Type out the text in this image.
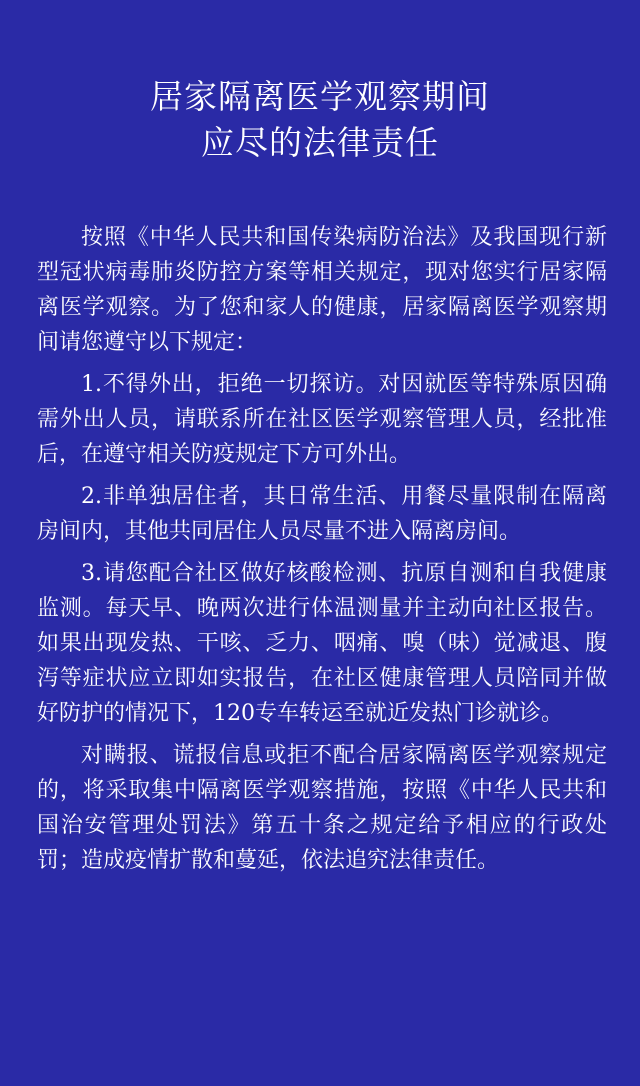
居家隔离医学观察期间
应尽的法律责任

按照《中华人民共和国传染病防治法》及我国现行新型冠状病毒肺炎防控方案等相关规定，现对您实行居家隔离医学观察。为了您和家人的健康，居家隔离医学观察期间请您遵守以下规定：

1.不得外出，拒绝一切探访。对因就医等特殊原因确需外出人员，请联系所在社区医学观察管理人员，经批准后，在遵守相关防疫规定下方可外出。

2.非单独居住者，其日常生活、用餐尽量限制在隔离房间内，其他共同居住人员尽量不进入隔离房间。

3.请您配合社区做好核酸检测、抗原自测和自我健康监测。每天早、晚两次进行体温测量并主动向社区报告。如果出现发热、干咳、乏力、咽痛、嗅（味）觉减退、腹泻等症状应立即如实报告，在社区健康管理人员陪同并做好防护的情况下，120专车转运至就近发热门诊就诊。

对瞒报、谎报信息或拒不配合居家隔离医学观察规定的，将采取集中隔离医学观察措施，按照《中华人民共和国治安管理处罚法》第五十条之规定给予相应的行政处罚；造成疫情扩散和蔓延，依法追究法律责任。
